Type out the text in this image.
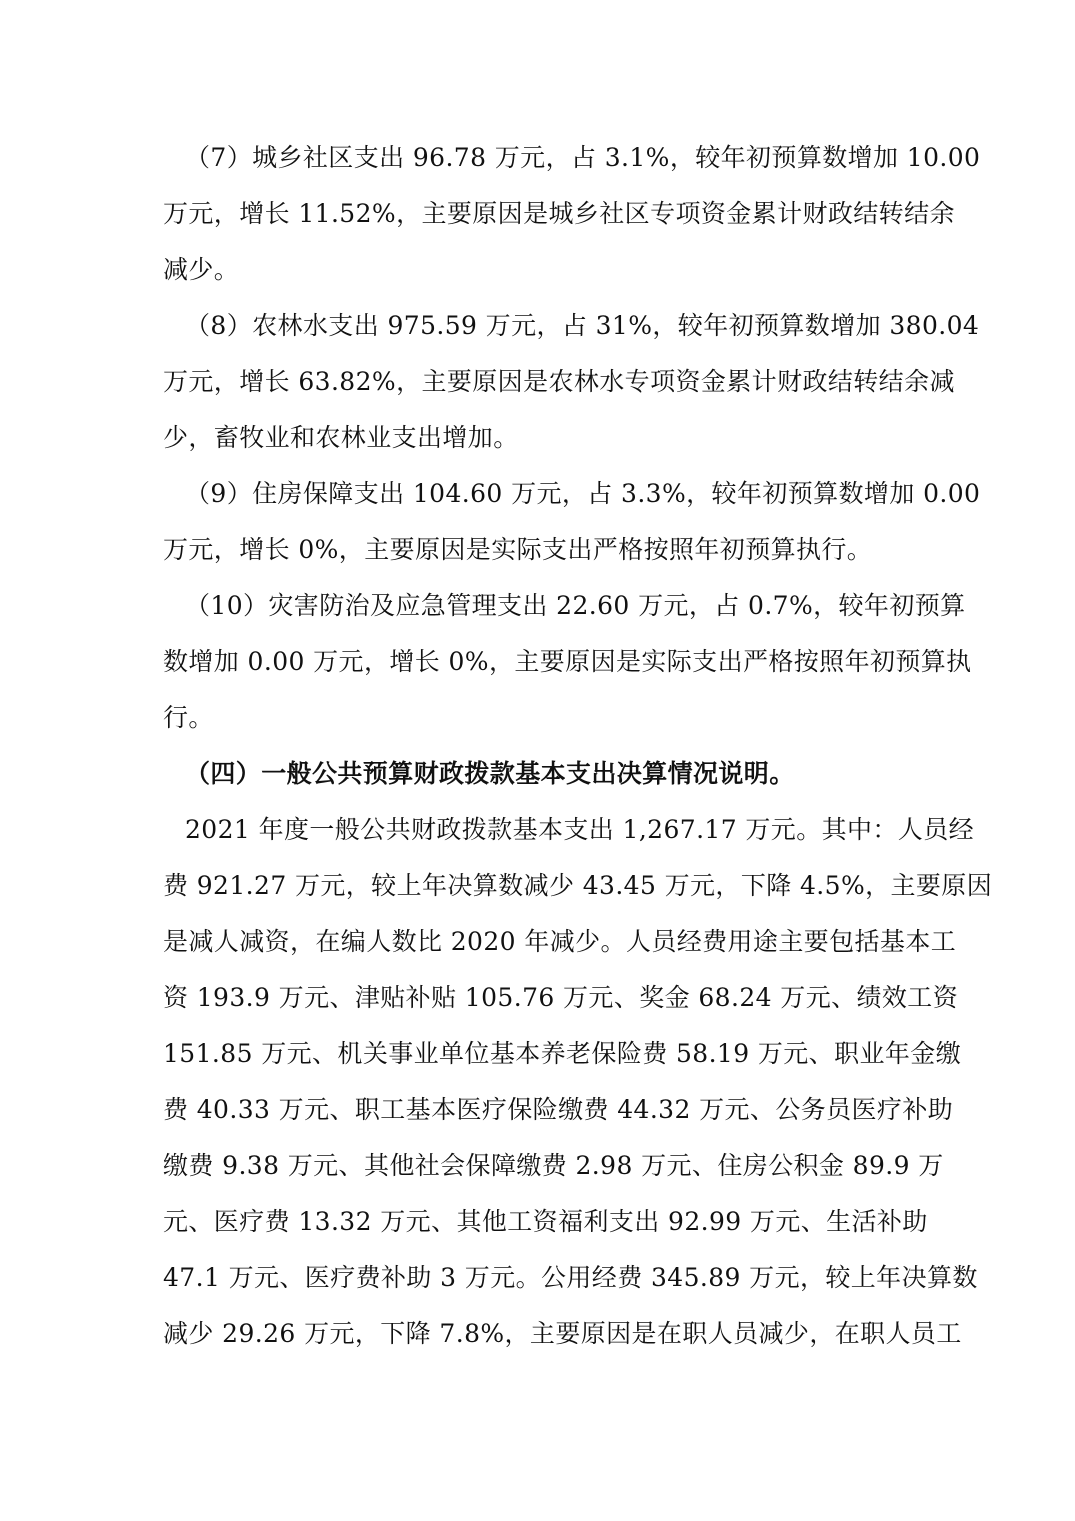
（7）城乡社区支出 96.78 万元，占 3.1%，较年初预算数增加 10.00
万元，增长 11.52%，主要原因是城乡社区专项资金累计财政结转结余
减少。
（8）农林水支出 975.59 万元，占 31%，较年初预算数增加 380.04
万元，增长 63.82%，主要原因是农林水专项资金累计财政结转结余减
少，畜牧业和农林业支出增加。
（9）住房保障支出 104.60 万元，占 3.3%，较年初预算数增加 0.00
万元，增长 0%，主要原因是实际支出严格按照年初预算执行。
（10）灾害防治及应急管理支出 22.60 万元，占 0.7%，较年初预算
数增加 0.00 万元，增长 0%，主要原因是实际支出严格按照年初预算执
行。
（四）一般公共预算财政拨款基本支出决算情况说明。
2021 年度一般公共财政拨款基本支出 1,267.17 万元。其中：人员经
费 921.27 万元，较上年决算数减少 43.45 万元，下降 4.5%，主要原因
是减人减资，在编人数比 2020 年减少。人员经费用途主要包括基本工
资 193.9 万元、津贴补贴 105.76 万元、奖金 68.24 万元、绩效工资
151.85 万元、机关事业单位基本养老保险费 58.19 万元、职业年金缴
费 40.33 万元、职工基本医疗保险缴费 44.32 万元、公务员医疗补助
缴费 9.38 万元、其他社会保障缴费 2.98 万元、住房公积金 89.9 万
元、医疗费 13.32 万元、其他工资福利支出 92.99 万元、生活补助
47.1 万元、医疗费补助 3 万元。公用经费 345.89 万元，较上年决算数
减少 29.26 万元，下降 7.8%，主要原因是在职人员减少，在职人员工
